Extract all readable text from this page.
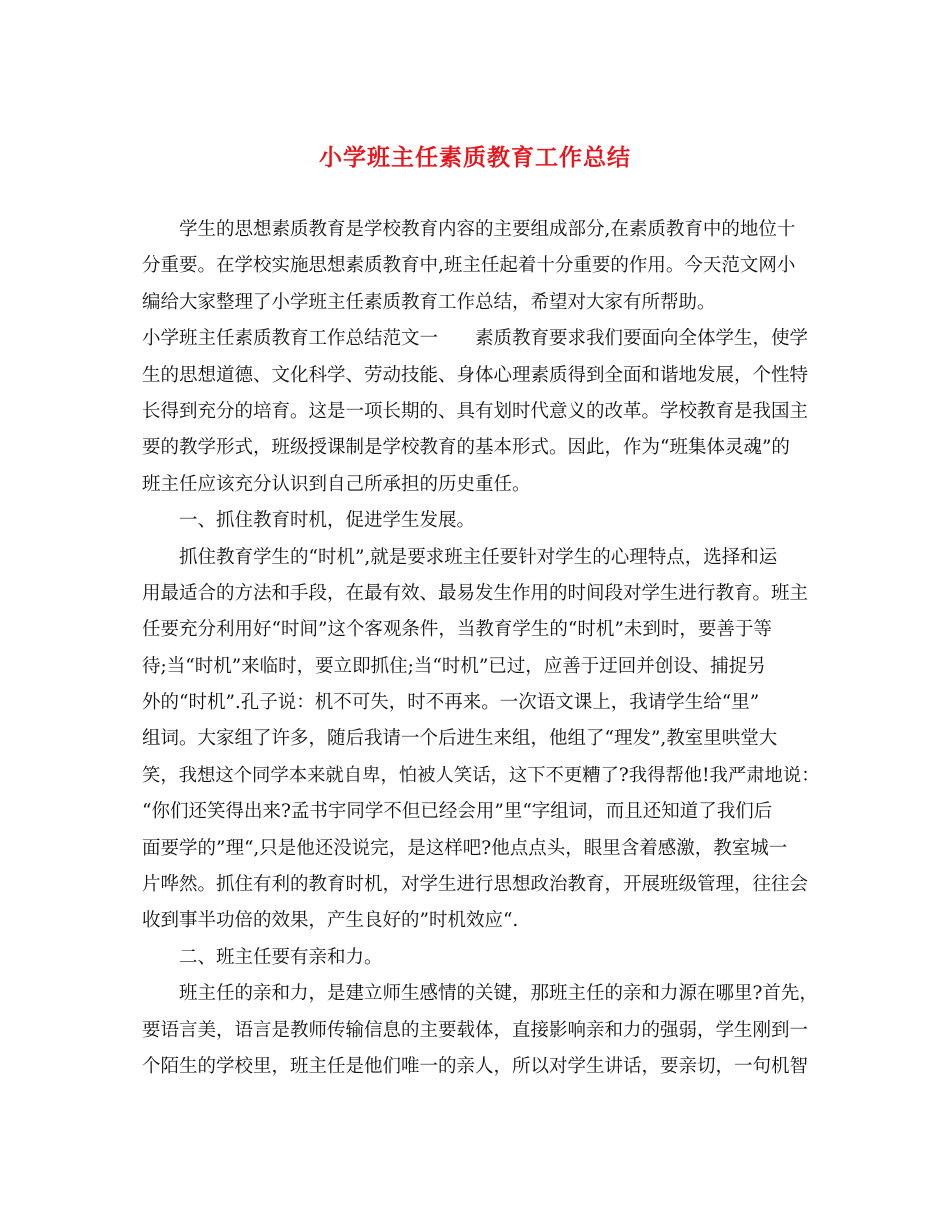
小学班主任素质教育工作总结
学生的思想素质教育是学校教育内容的主要组成部分,在素质教育中的地位十
分重要。在学校实施思想素质教育中,班主任起着十分重要的作用。今天范文网小
编给大家整理了小学班主任素质教育工作总结，希望对大家有所帮助。
小学班主任素质教育工作总结范文一　　素质教育要求我们要面向全体学生，使学
生的思想道德、文化科学、劳动技能、身体心理素质得到全面和谐地发展，个性特
长得到充分的培育。这是一项长期的、具有划时代意义的改革。学校教育是我国主
要的教学形式，班级授课制是学校教育的基本形式。因此，作为“班集体灵魂”的
班主任应该充分认识到自己所承担的历史重任。
一、抓住教育时机，促进学生发展。
抓住教育学生的“时机”,就是要求班主任要针对学生的心理特点，选择和运
用最适合的方法和手段，在最有效、最易发生作用的时间段对学生进行教育。班主
任要充分利用好“时间”这个客观条件，当教育学生的“时机”未到时，要善于等
待;当“时机”来临时，要立即抓住;当“时机”已过，应善于迂回并创设、捕捉另
外的“时机”.孔子说：机不可失，时不再来。一次语文课上，我请学生给“里”
组词。大家组了许多，随后我请一个后进生来组，他组了“理发”,教室里哄堂大
笑，我想这个同学本来就自卑，怕被人笑话，这下不更糟了?我得帮他!我严肃地说：
“你们还笑得出来?孟书宇同学不但已经会用”里“字组词，而且还知道了我们后
面要学的”理“,只是他还没说完，是这样吧?他点点头，眼里含着感激，教室城一
片哗然。抓住有利的教育时机，对学生进行思想政治教育，开展班级管理，往往会
收到事半功倍的效果，产生良好的”时机效应“.
二、班主任要有亲和力。
班主任的亲和力，是建立师生感情的关键，那班主任的亲和力源在哪里?首先，
要语言美，语言是教师传输信息的主要载体，直接影响亲和力的强弱，学生刚到一
个陌生的学校里，班主任是他们唯一的亲人，所以对学生讲话，要亲切，一句机智
